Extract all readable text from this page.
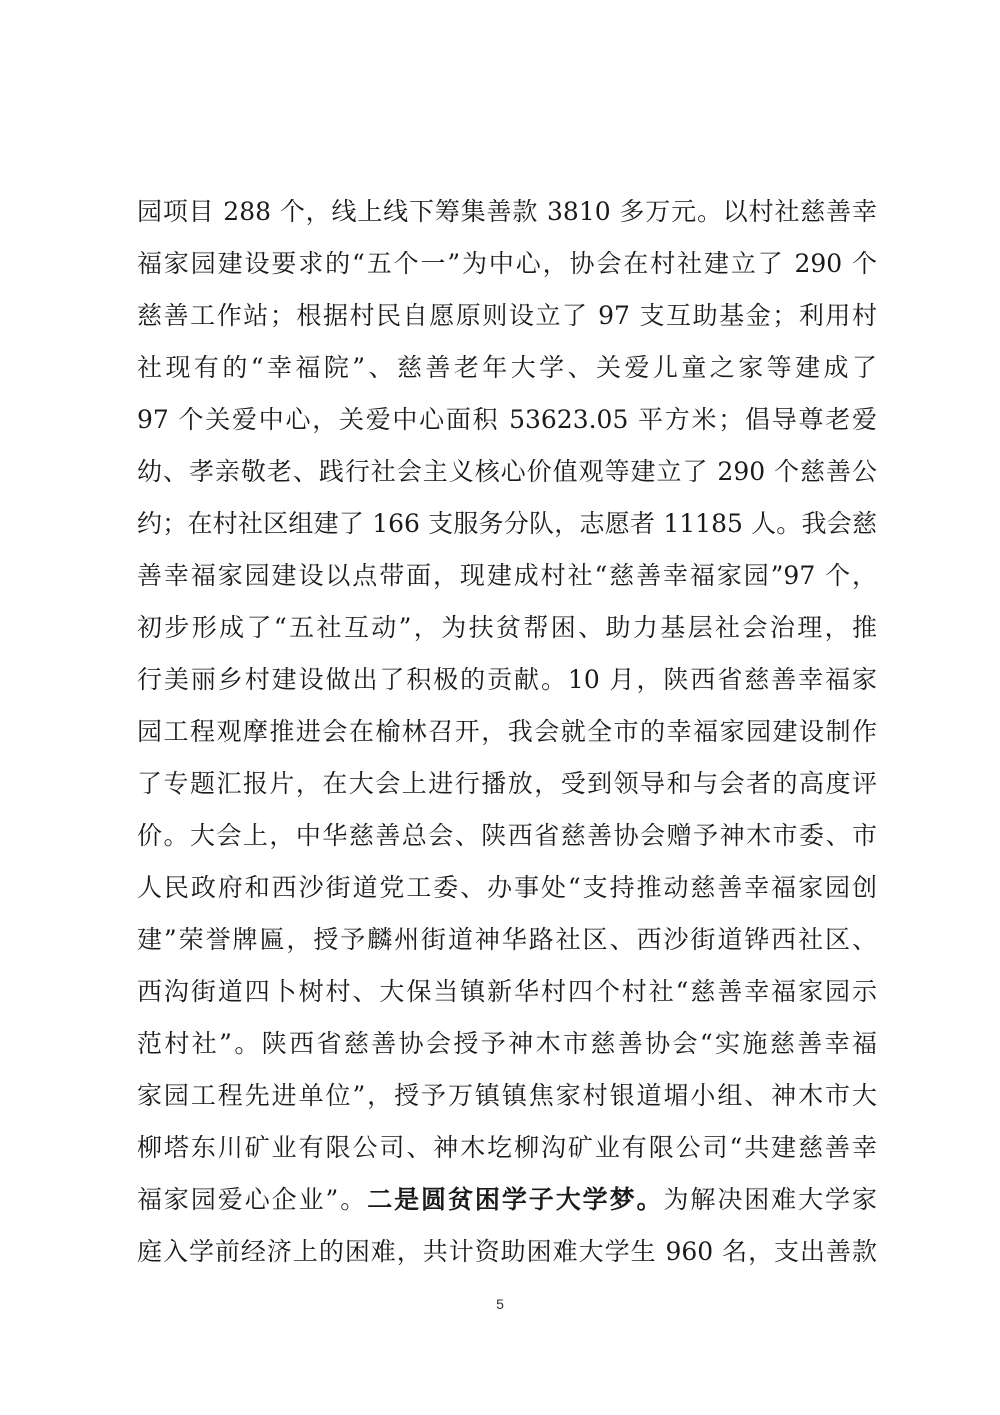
园项目 288 个，线上线下筹集善款 3810 多万元。以村社慈善幸
福家园建设要求的“五个一”为中心，协会在村社建立了 290 个
慈善工作站；根据村民自愿原则设立了 97 支互助基金；利用村
社现有的“幸福院”、慈善老年大学、关爱儿童之家等建成了
97 个关爱中心，关爱中心面积 53623.05 平方米；倡导尊老爱
幼、孝亲敬老、践行社会主义核心价值观等建立了 290 个慈善公
约；在村社区组建了 166 支服务分队，志愿者 11185 人。我会慈
善幸福家园建设以点带面，现建成村社“慈善幸福家园”97 个，
初步形成了“五社互动”，为扶贫帮困、助力基层社会治理，推
行美丽乡村建设做出了积极的贡献。10 月，陕西省慈善幸福家
园工程观摩推进会在榆林召开，我会就全市的幸福家园建设制作
了专题汇报片，在大会上进行播放，受到领导和与会者的高度评
价。大会上，中华慈善总会、陕西省慈善协会赠予神木市委、市
人民政府和西沙街道党工委、办事处“支持推动慈善幸福家园创
建”荣誉牌匾，授予麟州街道神华路社区、西沙街道铧西社区、
西沟街道四卜树村、大保当镇新华村四个村社“慈善幸福家园示
范村社”。陕西省慈善协会授予神木市慈善协会“实施慈善幸福
家园工程先进单位”，授予万镇镇焦家村银道堳小组、神木市大
柳塔东川矿业有限公司、神木圪柳沟矿业有限公司“共建慈善幸
福家园爱心企业”。二是圆贫困学子大学梦。为解决困难大学家
庭入学前经济上的困难，共计资助困难大学生 960 名，支出善款
5
